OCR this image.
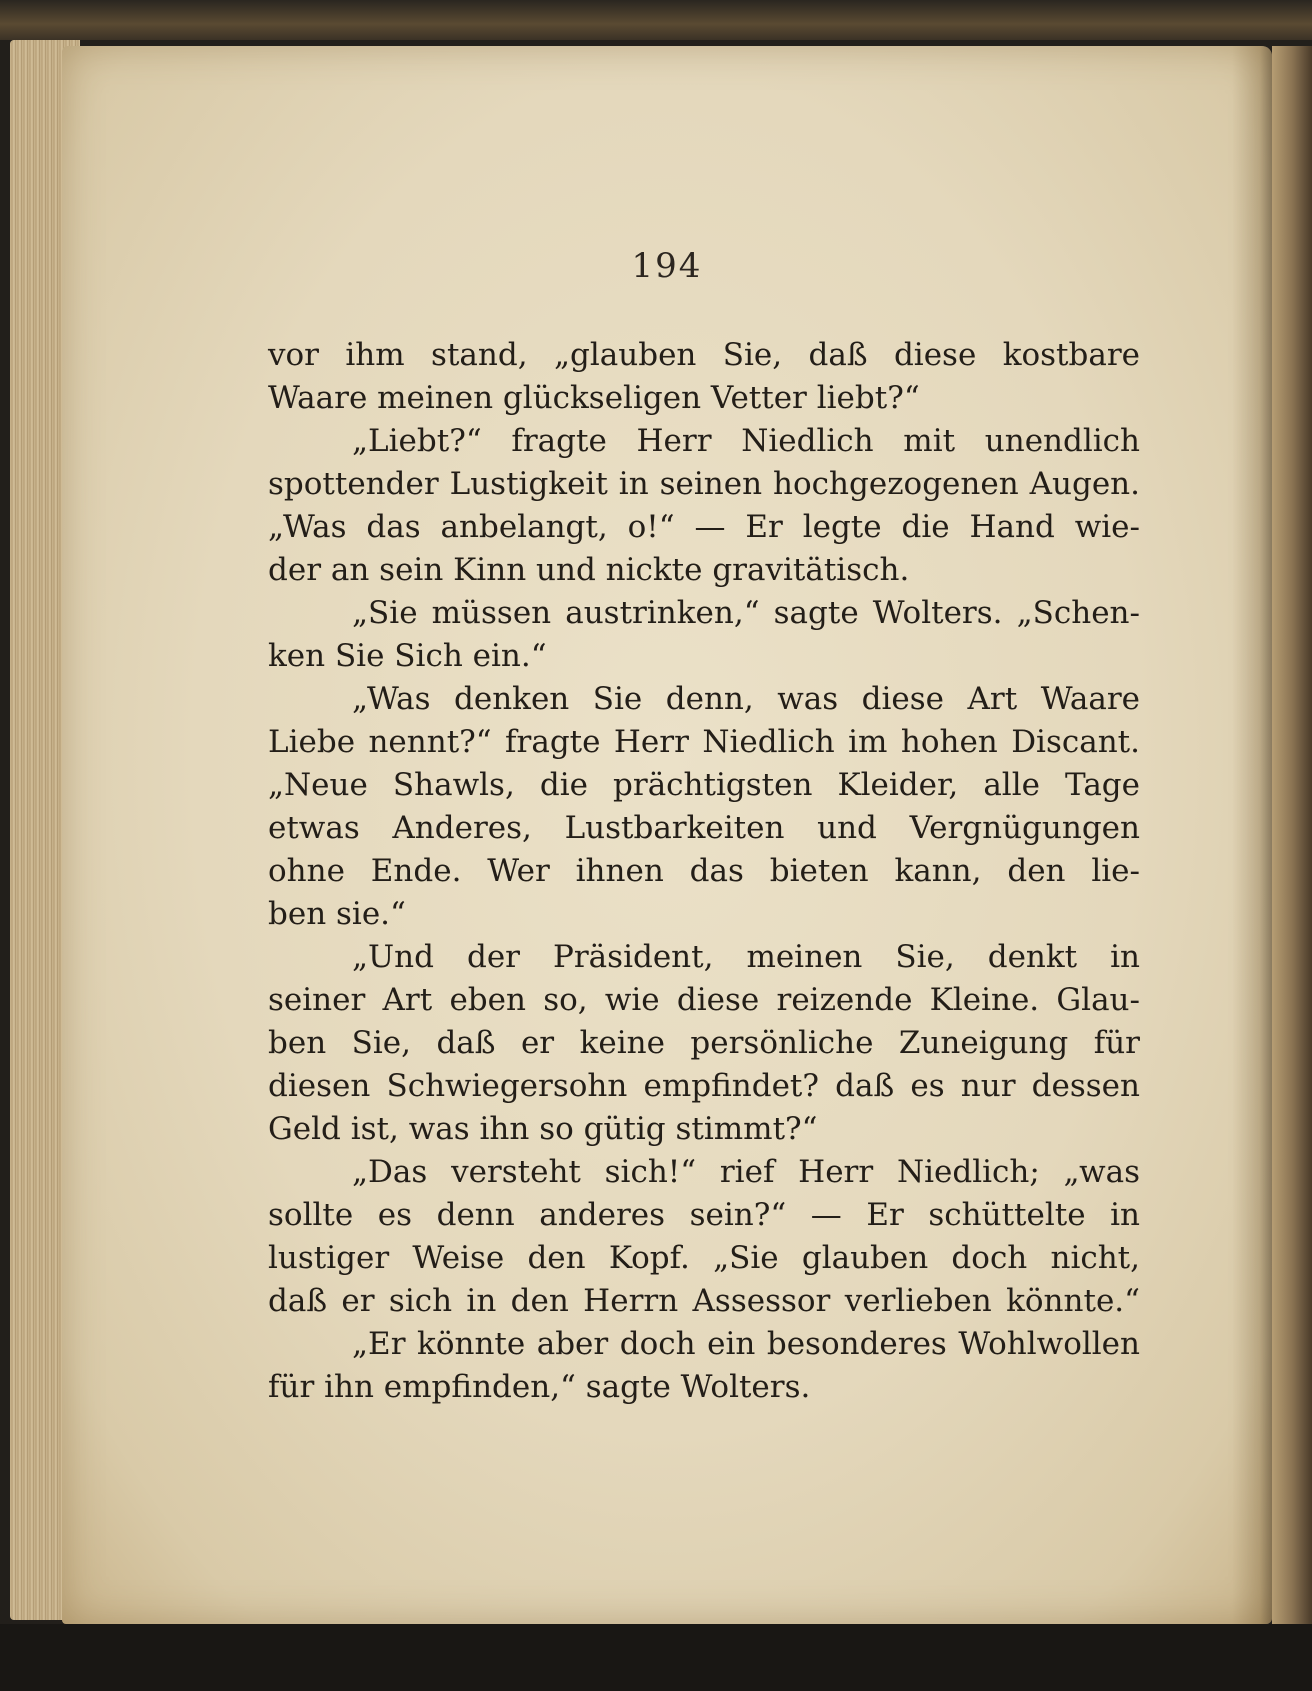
194
vor ihm stand, „glauben Sie, daß diese kostbare
Waare meinen glückseligen Vetter liebt?“
„Liebt?“ fragte Herr Niedlich mit unendlich
spottender Lustigkeit in seinen hochgezogenen Augen.
„Was das anbelangt, o!“ — Er legte die Hand wie-
der an sein Kinn und nickte gravitätisch.
„Sie müssen austrinken,“ sagte Wolters. „Schen-
ken Sie Sich ein.“
„Was denken Sie denn, was diese Art Waare
Liebe nennt?“ fragte Herr Niedlich im hohen Discant.
„Neue Shawls, die prächtigsten Kleider, alle Tage
etwas Anderes, Lustbarkeiten und Vergnügungen
ohne Ende. Wer ihnen das bieten kann, den lie-
ben sie.“
„Und der Präsident, meinen Sie, denkt in
seiner Art eben so, wie diese reizende Kleine. Glau-
ben Sie, daß er keine persönliche Zuneigung für
diesen Schwiegersohn empfindet? daß es nur dessen
Geld ist, was ihn so gütig stimmt?“
„Das versteht sich!“ rief Herr Niedlich; „was
sollte es denn anderes sein?“ — Er schüttelte in
lustiger Weise den Kopf. „Sie glauben doch nicht,
daß er sich in den Herrn Assessor verlieben könnte.“
„Er könnte aber doch ein besonderes Wohlwollen
für ihn empfinden,“ sagte Wolters.
